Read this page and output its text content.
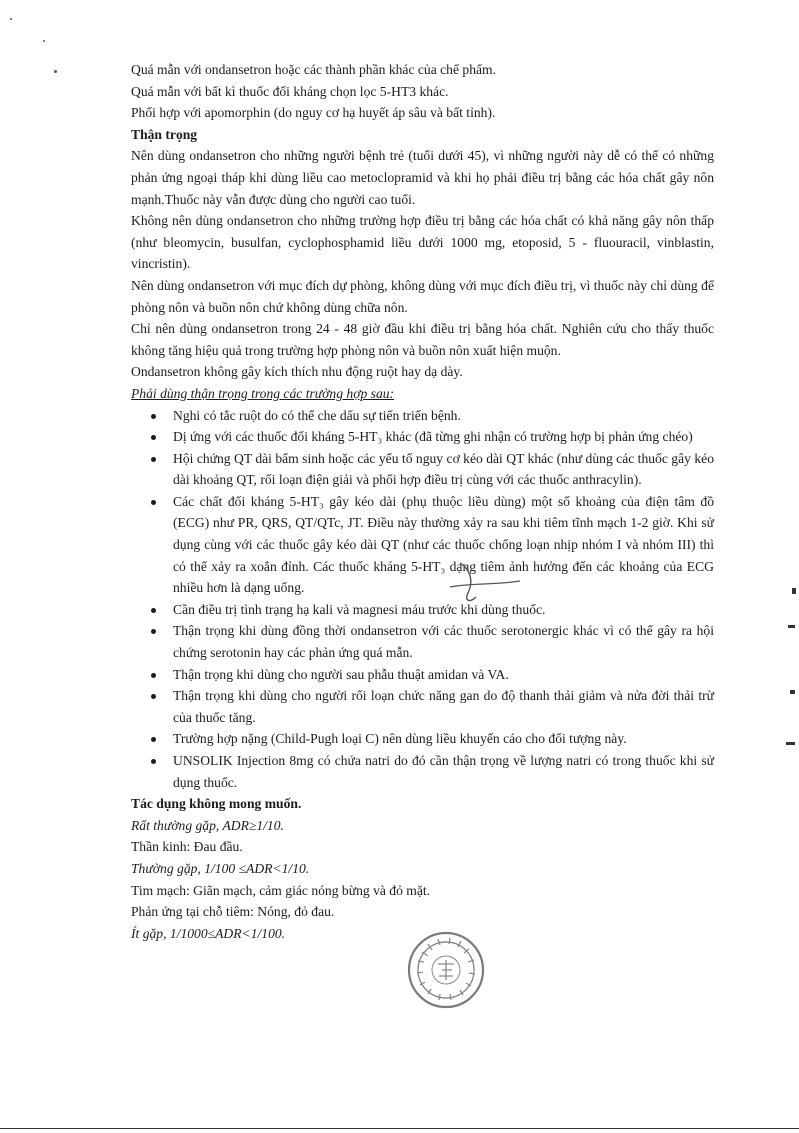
Quá mẫn với ondansetron hoặc các thành phần khác của chế phẩm.

Quá mẫn với bất kì thuốc đối kháng chọn lọc 5-HT3 khác.

Phối hợp với apomorphin (do nguy cơ hạ huyết áp sâu và bất tỉnh).

Thận trọng

Nên dùng ondansetron cho những người bệnh trẻ (tuổi dưới 45), vì những người này dễ có thể có những phản ứng ngoại tháp khi dùng liều cao metoclopramid và khi họ phải điều trị bằng các hóa chất gây nôn mạnh.Thuốc này vẫn được dùng cho người cao tuổi.

Không nên dùng ondansetron cho những trường hợp điều trị bằng các hóa chất có khả năng gây nôn thấp (như bleomycin, busulfan, cyclophosphamid liều dưới 1000 mg, etoposid, 5 - fluouracil, vinblastin, vincristin).

Nên dùng ondansetron với mục đích dự phòng, không dùng với mục đích điều trị, vì thuốc này chỉ dùng để phòng nôn và buồn nôn chứ không dùng chữa nôn.

Chỉ nên dùng ondansetron trong 24 - 48 giờ đầu khi điều trị bằng hóa chất. Nghiên cứu cho thấy thuốc không tăng hiệu quả trong trường hợp phòng nôn và buồn nôn xuất hiện muộn.

Ondansetron không gây kích thích nhu động ruột hay dạ dày.

Phải dùng thận trọng trong các trường hợp sau:

Nghi có tắc ruột do có thể che dấu sự tiến triển bệnh.
Dị ứng với các thuốc đối kháng 5-HT₃ khác (đã từng ghi nhận có trường hợp bị phản ứng chéo)
Hội chứng QT dài bẩm sinh hoặc các yếu tố nguy cơ kéo dài QT khác (như dùng các thuốc gây kéo dài khoảng QT, rối loạn điện giải và phối hợp điều trị cùng với các thuốc anthracylin).
Các chất đối kháng 5-HT₃ gây kéo dài (phụ thuộc liều dùng) một số khoảng của điện tâm đồ (ECG) như PR, QRS, QT/QTc, JT. Điều này thường xảy ra sau khi tiêm tĩnh mạch 1-2 giờ. Khi sử dụng cùng với các thuốc gây kéo dài QT (như các thuốc chống loạn nhịp nhóm I và nhóm III) thì có thể xảy ra xoắn đỉnh. Các thuốc kháng 5-HT₃ dạng tiêm ảnh hưởng đến các khoảng của ECG nhiều hơn là dạng uống.
Cần điều trị tình trạng hạ kali và magnesi máu trước khi dùng thuốc.
Thận trọng khi dùng đồng thời ondansetron với các thuốc serotonergic khác vì có thể gây ra hội chứng serotonin hay các phản ứng quá mẫn.
Thận trọng khi dùng cho người sau phẫu thuật amidan và VA.
Thận trọng khi dùng cho người rối loạn chức năng gan do độ thanh thải giảm và nửa đời thải trừ của thuốc tăng.
Trường hợp nặng (Child-Pugh loại C) nên dùng liều khuyến cáo cho đối tượng này.
UNSOLIK Injection 8mg có chứa natri do đó cần thận trọng về lượng natri có trong thuốc khi sử dụng thuốc.

Tác dụng không mong muốn.

Rất thường gặp, ADR≥1/10.

Thần kinh: Đau đầu.

Thường gặp, 1/100 ≤ADR<1/10.

Tim mạch: Giãn mạch, cảm giác nóng bừng và đỏ mặt.

Phản ứng tại chỗ tiêm: Nóng, đỏ đau.

Ít gặp, 1/1000≤ADR<1/100.
